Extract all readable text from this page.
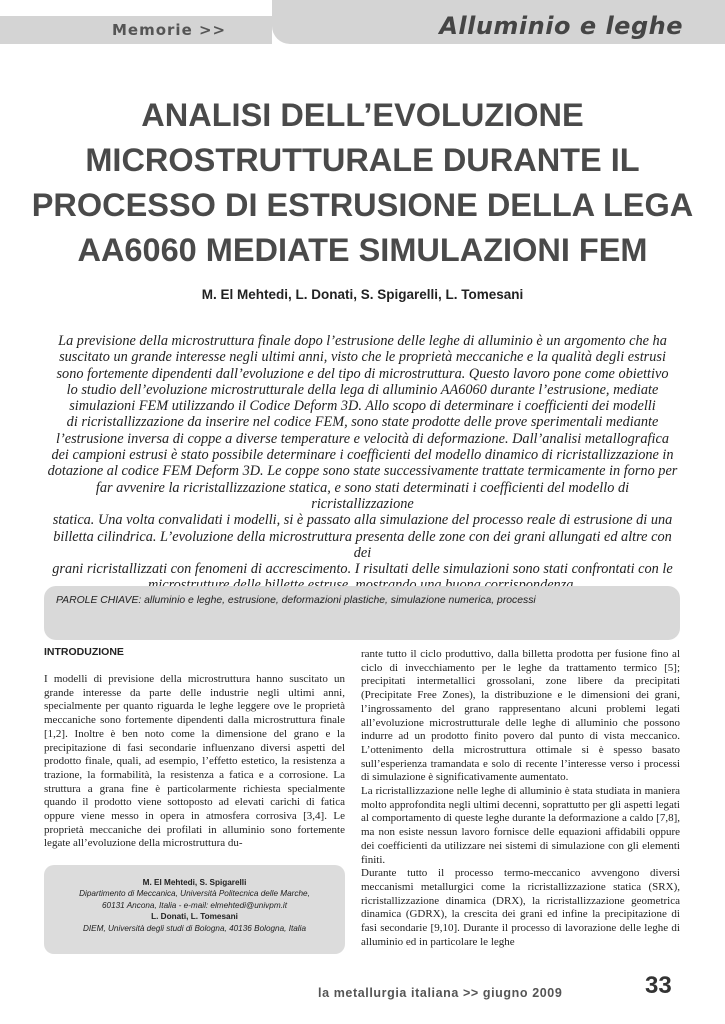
Memorie >>	Alluminio e leghe
ANALISI DELL’EVOLUZIONE
MICROSTRUTTURALE DURANTE IL
PROCESSO DI ESTRUSIONE DELLA LEGA
AA6060 MEDIATE SIMULAZIONI FEM
M. El Mehtedi, L. Donati, S. Spigarelli, L. Tomesani
La previsione della microstruttura finale dopo l’estrusione delle leghe di alluminio è un argomento che ha
suscitato un grande interesse negli ultimi anni, visto che le proprietà meccaniche e la qualità degli estrusi
sono fortemente dipendenti dall’evoluzione e del tipo di microstruttura. Questo lavoro pone come obiettivo
lo studio dell’evoluzione microstrutturale della lega di alluminio AA6060 durante l’estrusione, mediate
simulazioni FEM utilizzando il Codice Deform 3D. Allo scopo di determinare i coefficienti dei modelli
di ricristallizzazione da inserire nel codice FEM, sono state prodotte delle prove sperimentali mediante
l’estrusione inversa di coppe a diverse temperature e velocità di deformazione. Dall’analisi metallografica
dei campioni estrusi è stato possibile determinare i coefficienti del modello dinamico di ricristallizzazione in
dotazione al codice FEM Deform 3D. Le coppe sono state successivamente trattate termicamente in forno per
far avvenire la ricristallizzazione statica, e sono stati determinati i coefficienti del modello di ricristallizzazione
statica. Una volta convalidati i modelli, si è passato alla simulazione del processo reale di estrusione di una
billetta cilindrica. L’evoluzione della microstruttura presenta delle zone con dei grani allungati ed altre con dei
grani ricristallizzati con fenomeni di accrescimento. I risultati delle simulazioni sono stati confrontati con le
PAROLE CHIAVE: alluminio e leghe, estrusione, deformazioni plastiche, simulazione numerica, processi
INTRODUZIONE

I modelli di previsione della microstruttura hanno suscitato un grande interesse da parte delle industrie negli ultimi anni, specialmente per quanto riguarda le leghe leggere ove le proprietà meccaniche sono fortemente dipendenti dalla microstruttura finale [1,2]. Inoltre è ben noto come la dimensione del grano e la precipitazione di fasi secondarie influenzano diversi aspetti del prodotto finale, quali, ad esempio, l’effetto estetico, la resistenza a trazione, la formabilità, la resistenza a fatica e a corrosione. La struttura a grana fine è particolarmente richiesta specialmente quando il prodotto viene sottoposto ad elevati carichi di fatica oppure viene messo in opera in atmosfera corrosiva [3,4]. Le proprietà meccaniche dei profilati in alluminio sono fortemente legate all’evoluzione della microstruttura du-

rante tutto il ciclo produttivo, dalla billetta prodotta per fusione fino al ciclo di invecchiamento per le leghe da trattamento termico [5]; precipitati intermetallici grossolani, zone libere da precipitati (Precipitate Free Zones), la distribuzione e le dimensioni dei grani, l’ingrossamento del grano rappresentano alcuni problemi legati all’evoluzione microstrutturale delle leghe di alluminio che possono indurre ad un prodotto finito povero dal punto di vista meccanico. L’ottenimento della microstruttura ottimale si è spesso basato sull’esperienza tramandata e solo di recente l’interesse verso i processi di simulazione è significativamente aumentato.

La ricristallizzazione nelle leghe di alluminio è stata studiata in maniera molto approfondita negli ultimi decenni, soprattutto per gli aspetti legati al comportamento di queste leghe durante la deformazione a caldo [7,8], ma non esiste nessun lavoro fornisce delle equazioni affidabili oppure dei coefficienti da utilizzare nei sistemi di simulazione con gli elementi finiti.

Durante tutto il processo termo-meccanico avvengono diversi meccanismi metallurgici come la ricristallizzazione statica (SRX), ricristallizzazione dinamica (DRX), la ricristallizzazione geometrica dinamica (GDRX), la crescita dei grani ed infine la precipitazione di fasi secondarie [9,10]. Durante il processo di lavorazione delle leghe di alluminio ed in particolare le leghe

M. El Mehtedi, S. Spigarelli
Dipartimento di Meccanica, Università Politecnica delle Marche,
60131 Ancona, Italia - e-mail: elmehtedi@univpm.it
L. Donati, L. Tomesani
DIEM, Università degli studi di Bologna, 40136 Bologna, Italia
la metallurgia italiana >> giugno 2009	33
